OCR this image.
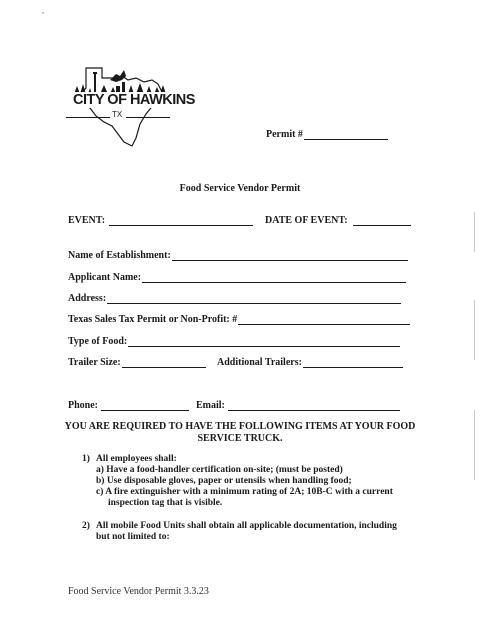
CITY OF HAWKINS
TX
Permit #
Food Service Vendor Permit
EVENT:	DATE OF EVENT:
Name of Establishment:
Applicant Name:
Address:
Texas Sales Tax Permit or Non-Profit: #
Type of Food:
Trailer Size:	Additional Trailers:
Phone:	Email:
YOU ARE REQUIRED TO HAVE THE FOLLOWING ITEMS AT YOUR FOOD
SERVICE TRUCK.
1) All employees shall:
a) Have a food-handler certification on-site; (must be posted)
b) Use disposable gloves, paper or utensils when handling food;
c) A fire extinguisher with a minimum rating of 2A; 10B-C with a current
inspection tag that is visible.
2) All mobile Food Units shall obtain all applicable documentation, including
but not limited to:
Food Service Vendor Permit 3.3.23
